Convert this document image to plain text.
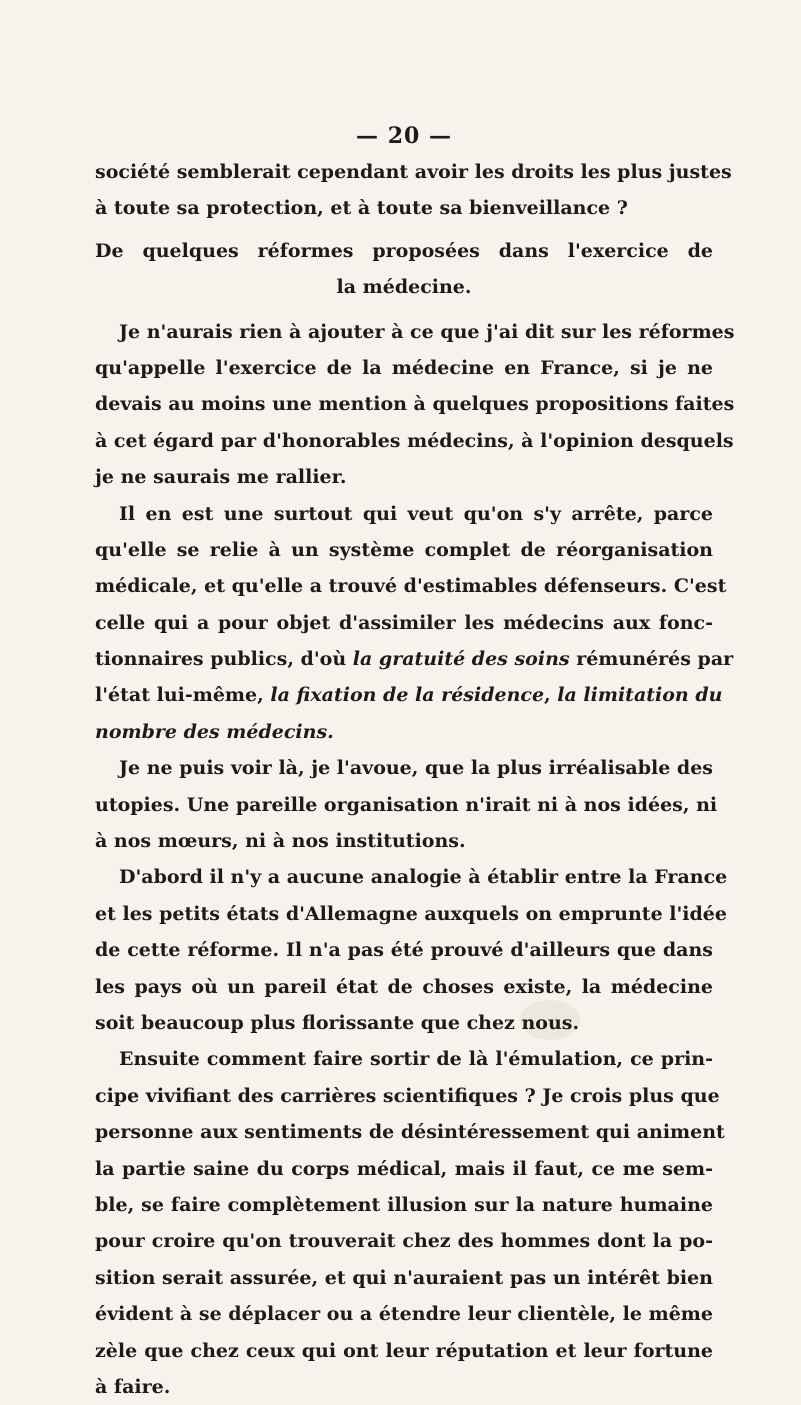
— 20 —
société semblerait cependant avoir les droits les plus justes
à toute sa protection, et à toute sa bienveillance ?
De quelques réformes proposées dans l'exercice de
la médecine.
Je n'aurais rien à ajouter à ce que j'ai dit sur les réformes
qu'appelle l'exercice de la médecine en France, si je ne
devais au moins une mention à quelques propositions faites
à cet égard par d'honorables médecins, à l'opinion desquels
je ne saurais me rallier.
Il en est une surtout qui veut qu'on s'y arrête, parce
qu'elle se relie à un système complet de réorganisation
médicale, et qu'elle a trouvé d'estimables défenseurs. C'est
celle qui a pour objet d'assimiler les médecins aux fonc-
tionnaires publics, d'où la gratuité des soins rémunérés par
l'état lui-même, la fixation de la résidence, la limitation du
nombre des médecins.
Je ne puis voir là, je l'avoue, que la plus irréalisable des
utopies. Une pareille organisation n'irait ni à nos idées, ni
à nos mœurs, ni à nos institutions.
D'abord il n'y a aucune analogie à établir entre la France
et les petits états d'Allemagne auxquels on emprunte l'idée
de cette réforme. Il n'a pas été prouvé d'ailleurs que dans
les pays où un pareil état de choses existe, la médecine
soit beaucoup plus florissante que chez nous.
Ensuite comment faire sortir de là l'émulation, ce prin-
cipe vivifiant des carrières scientifiques ? Je crois plus que
personne aux sentiments de désintéressement qui animent
la partie saine du corps médical, mais il faut, ce me sem-
ble, se faire complètement illusion sur la nature humaine
pour croire qu'on trouverait chez des hommes dont la po-
sition serait assurée, et qui n'auraient pas un intérêt bien
évident à se déplacer ou a étendre leur clientèle, le même
zèle que chez ceux qui ont leur réputation et leur fortune
à faire.
